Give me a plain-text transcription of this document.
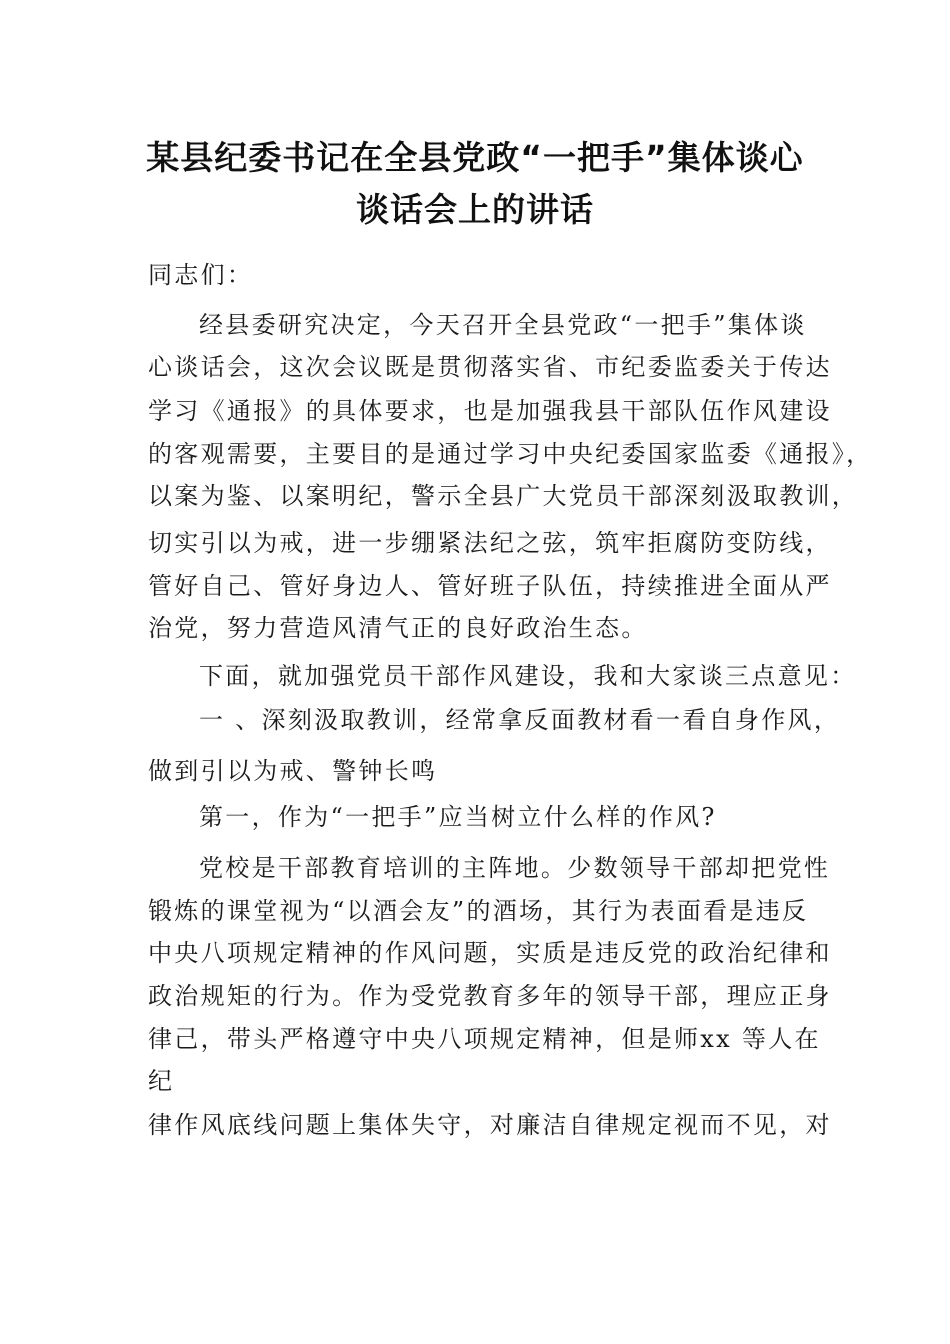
某县纪委书记在全县党政“一把手”集体谈心
谈话会上的讲话
同志们：
经县委研究决定，今天召开全县党政“一把手”集体谈
心谈话会，这次会议既是贯彻落实省、市纪委监委关于传达
学习《通报》的具体要求，也是加强我县干部队伍作风建设
的客观需要，主要目的是通过学习中央纪委国家监委《通报》，
以案为鉴、以案明纪，警示全县广大党员干部深刻汲取教训，
切实引以为戒，进一步绷紧法纪之弦，筑牢拒腐防变防线，
管好自己、管好身边人、管好班子队伍，持续推进全面从严
治党，努力营造风清气正的良好政治生态。
下面，就加强党员干部作风建设，我和大家谈三点意见：
一 、深刻汲取教训，经常拿反面教材看一看自身作风，
做到引以为戒、警钟长鸣
第一，作为“一把手”应当树立什么样的作风?
党校是干部教育培训的主阵地。少数领导干部却把党性
锻炼的课堂视为“以酒会友”的酒场，其行为表面看是违反
中央八项规定精神的作风问题，实质是违反党的政治纪律和
政治规矩的行为。作为受党教育多年的领导干部，理应正身
律己，带头严格遵守中央八项规定精神，但是师xx 等人在
纪
律作风底线问题上集体失守，对廉洁自律规定视而不见，对
